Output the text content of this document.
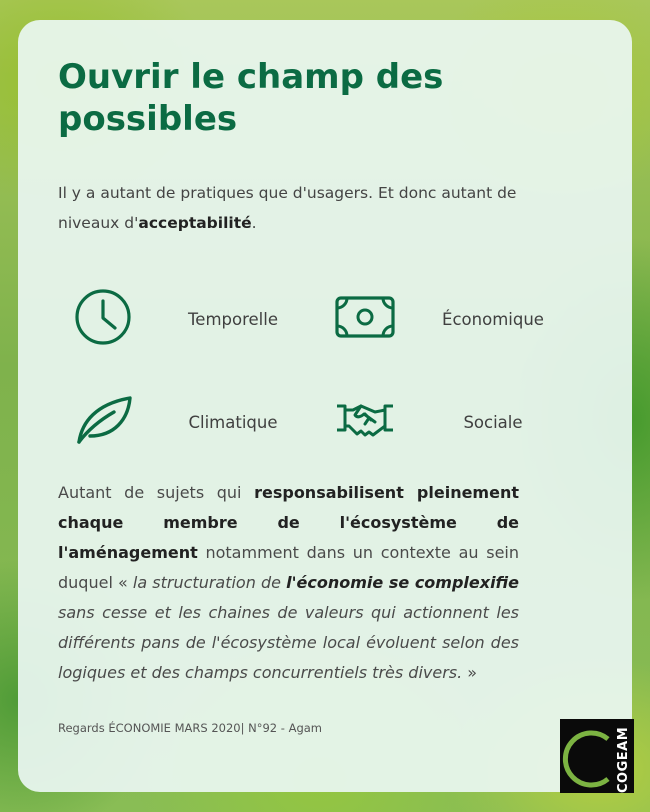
Ouvrir le champ des possibles
Il y a autant de pratiques que d'usagers. Et donc autant de niveaux d'acceptabilité.
Temporelle	Économique
Climatique	Sociale
Autant de sujets qui responsabilisent pleinement chaque membre de l'écosystème de l'aménagement notamment dans un contexte au sein duquel « la structuration de l'économie se complexifie sans cesse et les chaines de valeurs qui actionnent les différents pans de l'écosystème local évoluent selon des logiques et des champs concurrentiels très divers. »
Regards ÉCONOMIE MARS 2020| N°92 - Agam	COGEAM
